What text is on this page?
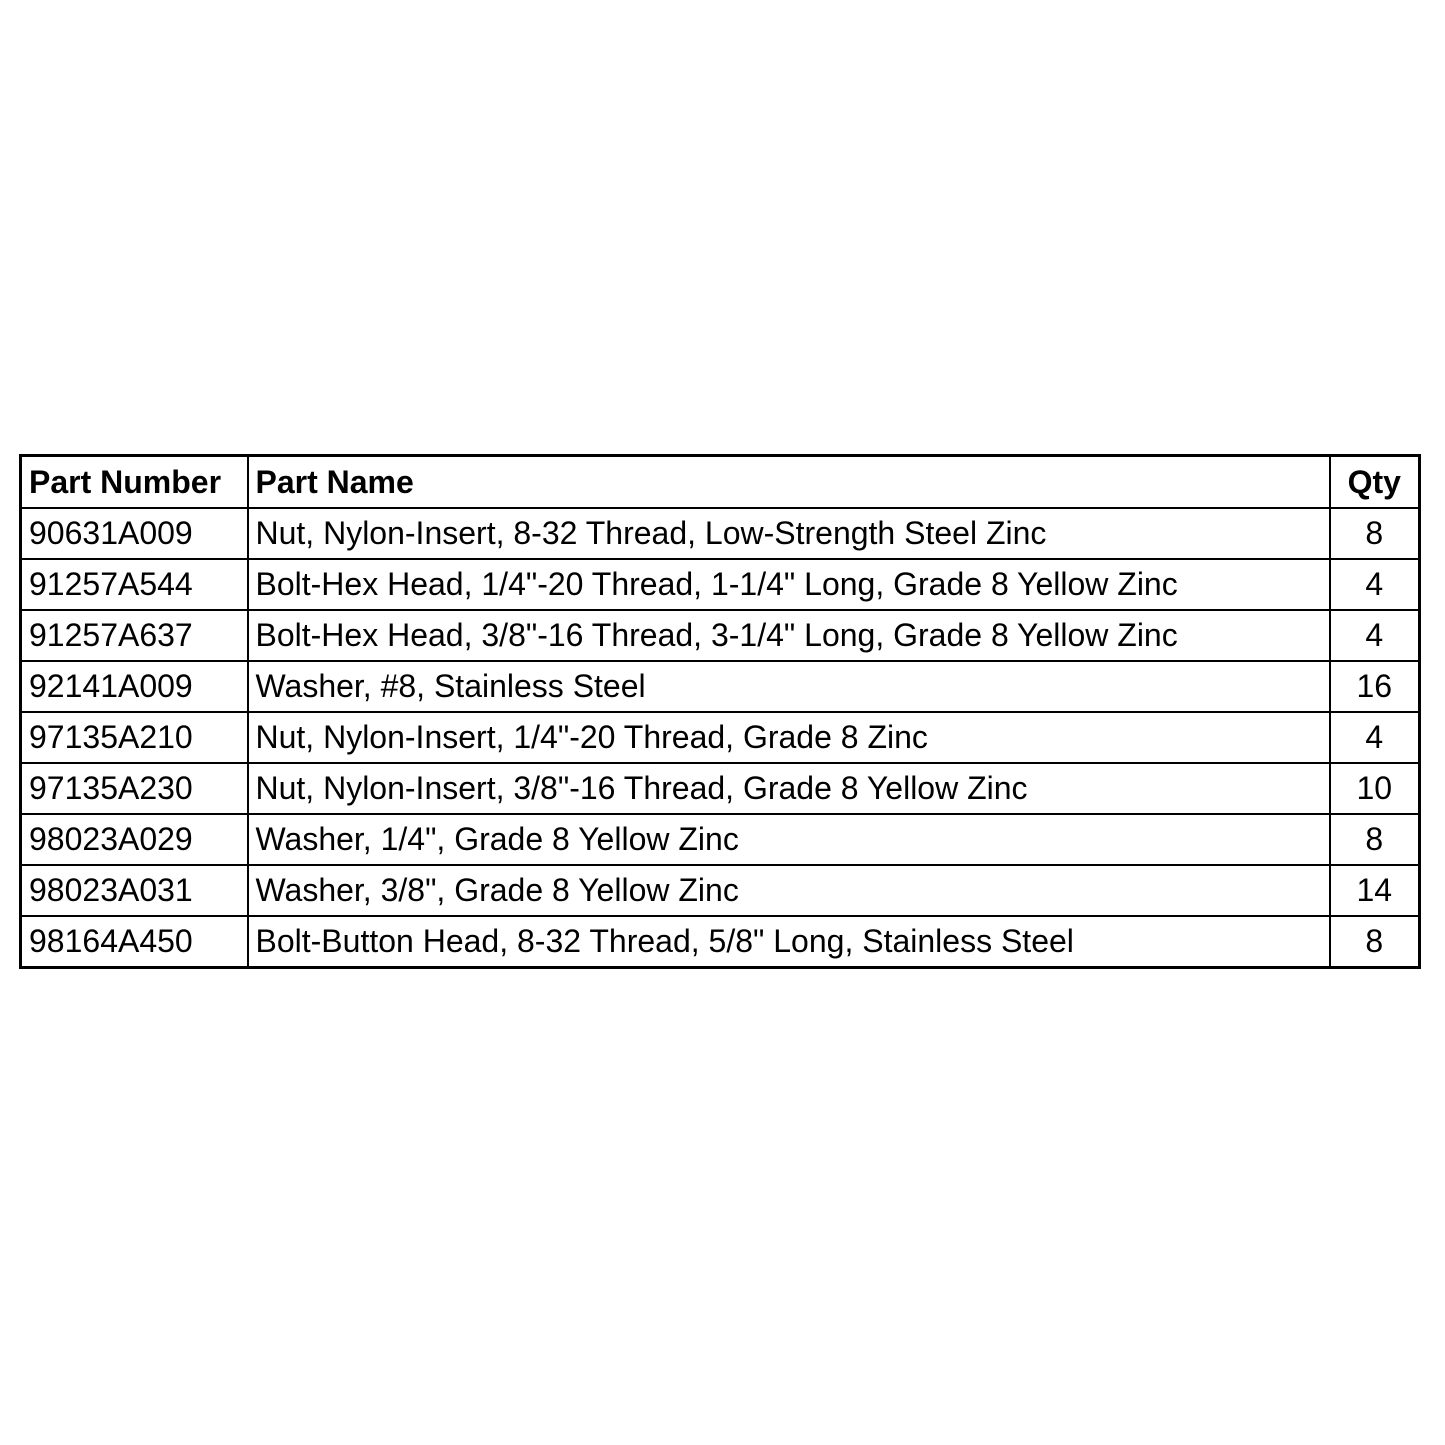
Part Number	Part Name	Qty
90631A009	Nut, Nylon-Insert, 8-32 Thread, Low-Strength Steel Zinc	8
91257A544	Bolt-Hex Head, 1/4"-20 Thread, 1-1/4" Long, Grade 8 Yellow Zinc	4
91257A637	Bolt-Hex Head, 3/8"-16 Thread, 3-1/4" Long, Grade 8 Yellow Zinc	4
92141A009	Washer, #8, Stainless Steel	16
97135A210	Nut, Nylon-Insert, 1/4"-20 Thread, Grade 8 Zinc	4
97135A230	Nut, Nylon-Insert, 3/8"-16 Thread, Grade 8 Yellow Zinc	10
98023A029	Washer, 1/4", Grade 8 Yellow Zinc	8
98023A031	Washer, 3/8", Grade 8 Yellow Zinc	14
98164A450	Bolt-Button Head, 8-32 Thread, 5/8" Long, Stainless Steel	8
